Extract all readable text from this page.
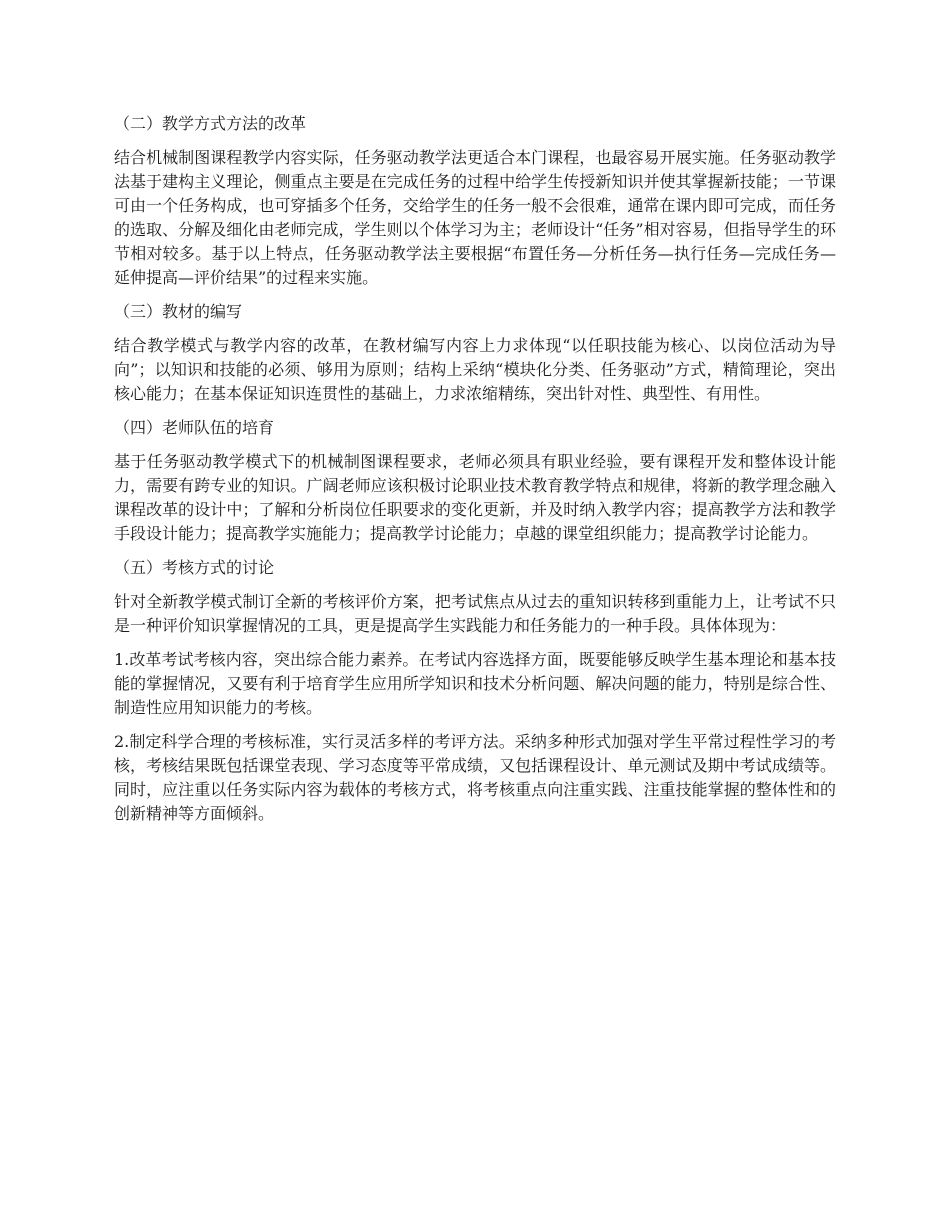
（二）教学方式方法的改革
结合机械制图课程教学内容实际，任务驱动教学法更适合本门课程，也最容易开展实施。任务驱动教学法基于建构主义理论，侧重点主要是在完成任务的过程中给学生传授新知识并使其掌握新技能；一节课可由一个任务构成，也可穿插多个任务，交给学生的任务一般不会很难，通常在课内即可完成，而任务的选取、分解及细化由老师完成，学生则以个体学习为主；老师设计“任务”相对容易，但指导学生的环节相对较多。基于以上特点，任务驱动教学法主要根据“布置任务—分析任务—执行任务—完成任务—延伸提高—评价结果”的过程来实施。
（三）教材的编写
结合教学模式与教学内容的改革，在教材编写内容上力求体现“以任职技能为核心、以岗位活动为导向”；以知识和技能的必须、够用为原则；结构上采纳“模块化分类、任务驱动”方式，精简理论，突出核心能力；在基本保证知识连贯性的基础上，力求浓缩精练，突出针对性、典型性、有用性。
（四）老师队伍的培育
基于任务驱动教学模式下的机械制图课程要求，老师必须具有职业经验，要有课程开发和整体设计能力，需要有跨专业的知识。广阔老师应该积极讨论职业技术教育教学特点和规律，将新的教学理念融入课程改革的设计中；了解和分析岗位任职要求的变化更新，并及时纳入教学内容；提高教学方法和教学手段设计能力；提高教学实施能力；提高教学讨论能力；卓越的课堂组织能力；提高教学讨论能力。
（五）考核方式的讨论
针对全新教学模式制订全新的考核评价方案，把考试焦点从过去的重知识转移到重能力上，让考试不只是一种评价知识掌握情况的工具，更是提高学生实践能力和任务能力的一种手段。具体体现为：
1.改革考试考核内容，突出综合能力素养。在考试内容选择方面，既要能够反映学生基本理论和基本技能的掌握情况，又要有利于培育学生应用所学知识和技术分析问题、解决问题的能力，特别是综合性、制造性应用知识能力的考核。
2.制定科学合理的考核标准，实行灵活多样的考评方法。采纳多种形式加强对学生平常过程性学习的考核，考核结果既包括课堂表现、学习态度等平常成绩，又包括课程设计、单元测试及期中考试成绩等。同时，应注重以任务实际内容为载体的考核方式，将考核重点向注重实践、注重技能掌握的整体性和的创新精神等方面倾斜。
